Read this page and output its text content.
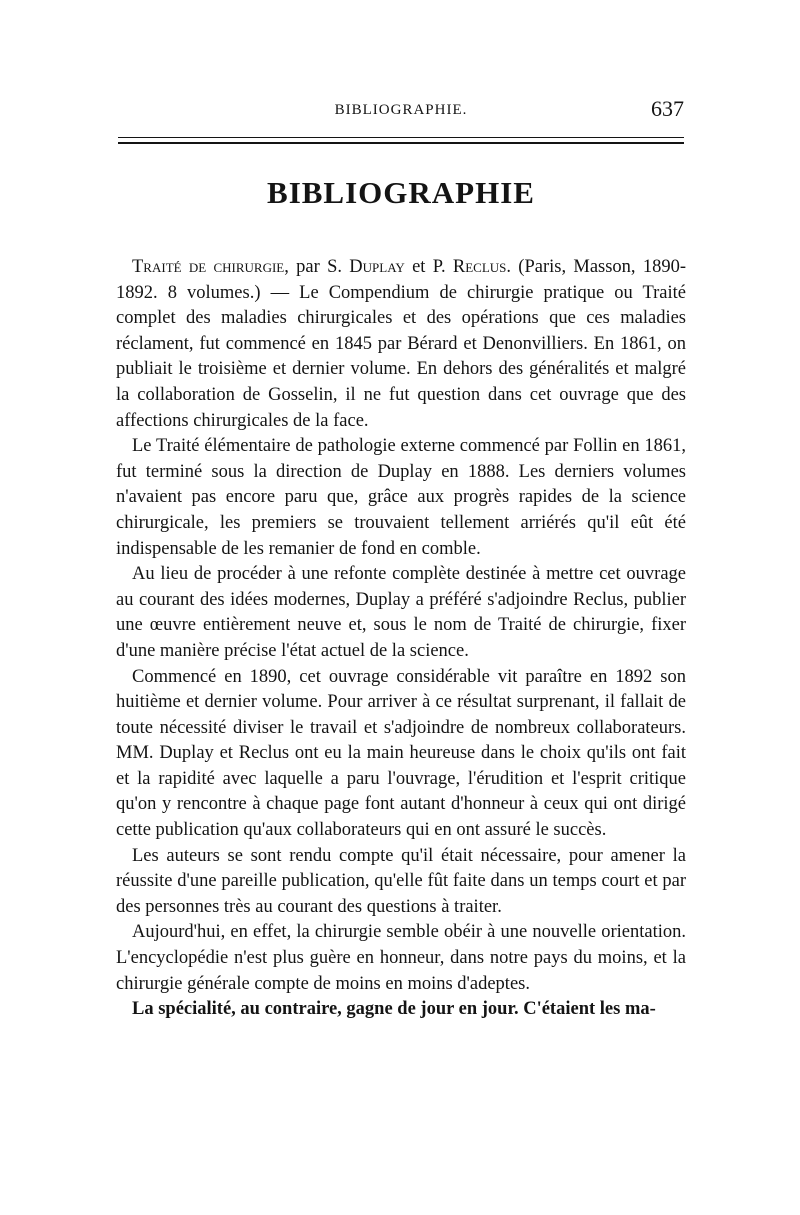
BIBLIOGRAPHIE.	637
BIBLIOGRAPHIE

Traité de chirurgie, par S. Duplay et P. Reclus. (Paris, Masson, 1890-1892. 8 volumes.) — Le Compendium de chirurgie pratique ou Traité complet des maladies chirurgicales et des opérations que ces maladies réclament, fut commencé en 1845 par Bérard et Denonvilliers. En 1861, on publiait le troisième et dernier volume. En dehors des généralités et malgré la collaboration de Gosselin, il ne fut question dans cet ouvrage que des affections chirurgicales de la face.

Le Traité élémentaire de pathologie externe commencé par Follin en 1861, fut terminé sous la direction de Duplay en 1888. Les derniers volumes n'avaient pas encore paru que, grâce aux progrès rapides de la science chirurgicale, les premiers se trouvaient tellement arriérés qu'il eût été indispensable de les remanier de fond en comble.

Au lieu de procéder à une refonte complète destinée à mettre cet ouvrage au courant des idées modernes, Duplay a préféré s'adjoindre Reclus, publier une œuvre entièrement neuve et, sous le nom de Traité de chirurgie, fixer d'une manière précise l'état actuel de la science.

Commencé en 1890, cet ouvrage considérable vit paraître en 1892 son huitième et dernier volume. Pour arriver à ce résultat surprenant, il fallait de toute nécessité diviser le travail et s'adjoindre de nombreux collaborateurs. MM. Duplay et Reclus ont eu la main heureuse dans le choix qu'ils ont fait et la rapidité avec laquelle a paru l'ouvrage, l'érudition et l'esprit critique qu'on y rencontre à chaque page font autant d'honneur à ceux qui ont dirigé cette publication qu'aux collaborateurs qui en ont assuré le succès.

Les auteurs se sont rendu compte qu'il était nécessaire, pour amener la réussite d'une pareille publication, qu'elle fût faite dans un temps court et par des personnes très au courant des questions à traiter.

Aujourd'hui, en effet, la chirurgie semble obéir à une nouvelle orientation. L'encyclopédie n'est plus guère en honneur, dans notre pays du moins, et la chirurgie générale compte de moins en moins d'adeptes.

La spécialité, au contraire, gagne de jour en jour. C'étaient les ma-
